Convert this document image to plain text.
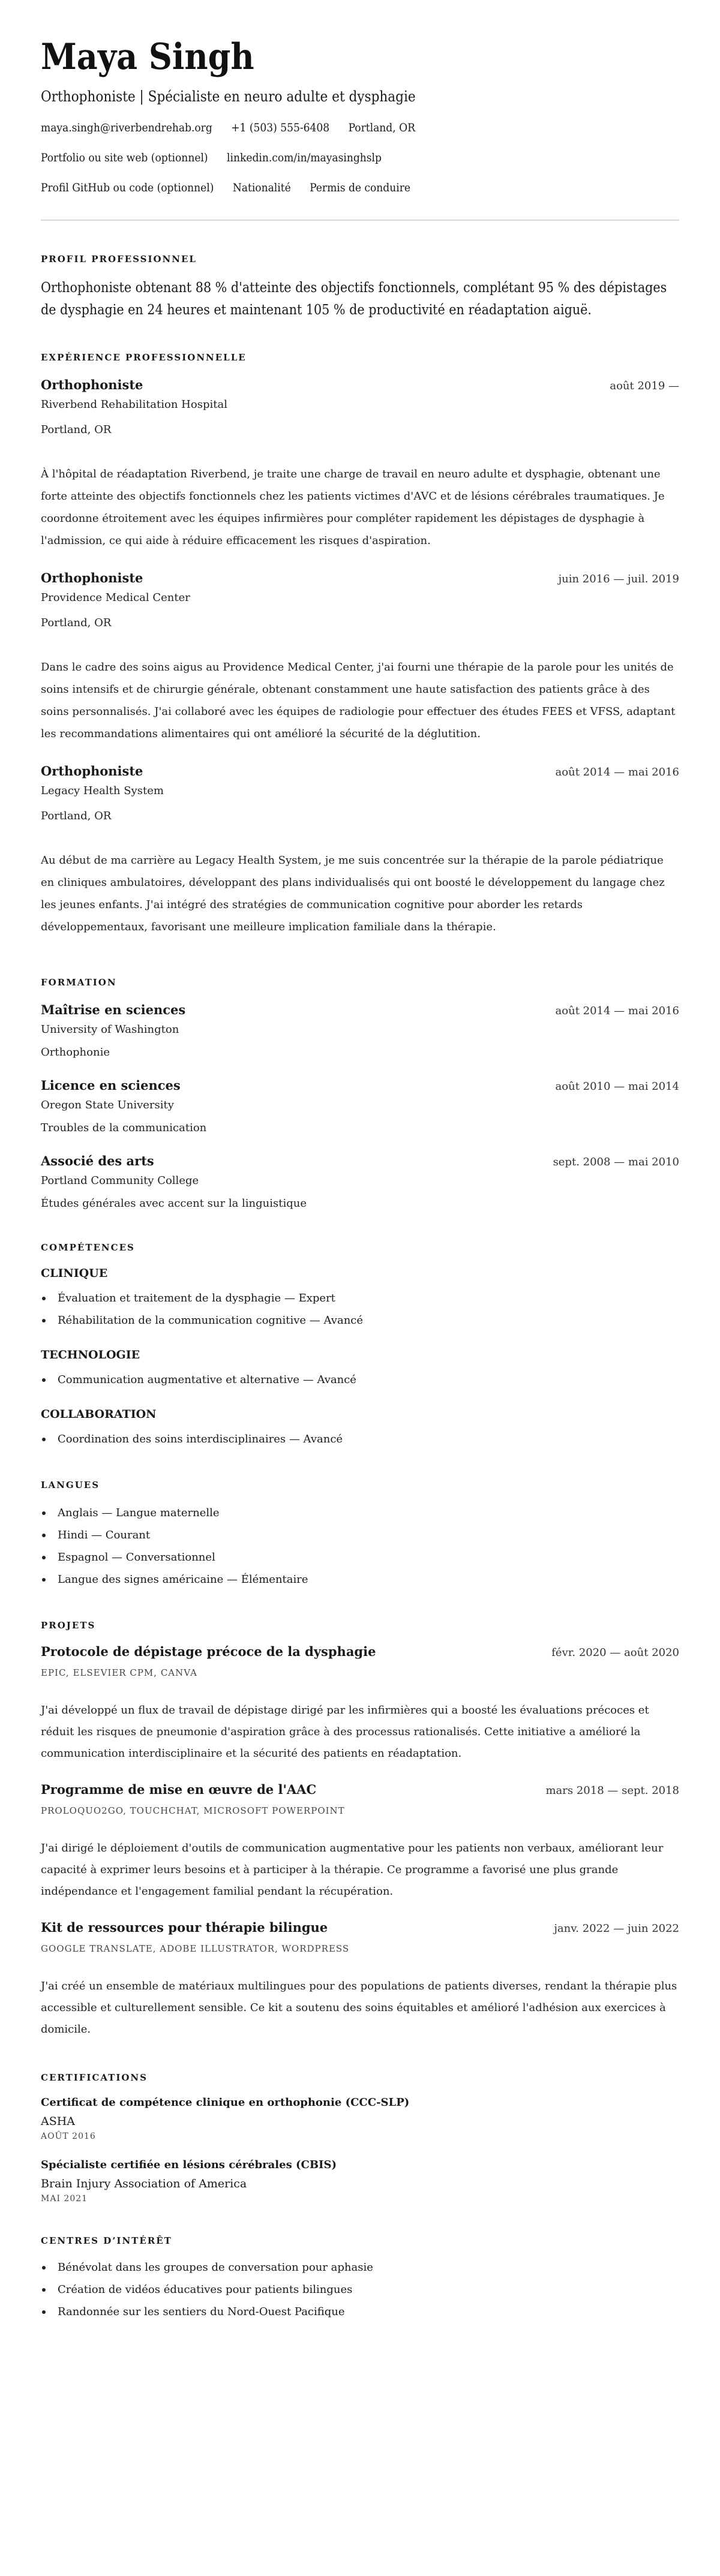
Maya Singh
Orthophoniste | Spécialiste en neuro adulte et dysphagie
maya.singh@riverbendrehab.org +1 (503) 555-6408 Portland, OR
Portfolio ou site web (optionnel) linkedin.com/in/mayasinghslp
Profil GitHub ou code (optionnel) Nationalité Permis de conduire
PROFIL PROFESSIONNEL
Orthophoniste obtenant 88 % d'atteinte des objectifs fonctionnels, complétant 95 % des dépistages de dysphagie en 24 heures et maintenant 105 % de productivité en réadaptation aiguë.
EXPÉRIENCE PROFESSIONNELLE
Orthophoniste	août 2019 —
Riverbend Rehabilitation Hospital
Portland, OR
À l'hôpital de réadaptation Riverbend, je traite une charge de travail en neuro adulte et dysphagie, obtenant une forte atteinte des objectifs fonctionnels chez les patients victimes d'AVC et de lésions cérébrales traumatiques. Je coordonne étroitement avec les équipes infirmières pour compléter rapidement les dépistages de dysphagie à l'admission, ce qui aide à réduire efficacement les risques d'aspiration.
Orthophoniste	juin 2016 — juil. 2019
Providence Medical Center
Portland, OR
Dans le cadre des soins aigus au Providence Medical Center, j'ai fourni une thérapie de la parole pour les unités de soins intensifs et de chirurgie générale, obtenant constamment une haute satisfaction des patients grâce à des soins personnalisés. J'ai collaboré avec les équipes de radiologie pour effectuer des études FEES et VFSS, adaptant les recommandations alimentaires qui ont amélioré la sécurité de la déglutition.
Orthophoniste	août 2014 — mai 2016
Legacy Health System
Portland, OR
Au début de ma carrière au Legacy Health System, je me suis concentrée sur la thérapie de la parole pédiatrique en cliniques ambulatoires, développant des plans individualisés qui ont boosté le développement du langage chez les jeunes enfants. J'ai intégré des stratégies de communication cognitive pour aborder les retards développementaux, favorisant une meilleure implication familiale dans la thérapie.
FORMATION
Maîtrise en sciences	août 2014 — mai 2016
University of Washington
Orthophonie
Licence en sciences	août 2010 — mai 2014
Oregon State University
Troubles de la communication
Associé des arts	sept. 2008 — mai 2010
Portland Community College
Études générales avec accent sur la linguistique
COMPÉTENCES
CLINIQUE
Évaluation et traitement de la dysphagie — Expert
Réhabilitation de la communication cognitive — Avancé
TECHNOLOGIE
Communication augmentative et alternative — Avancé
COLLABORATION
Coordination des soins interdisciplinaires — Avancé
LANGUES
Anglais — Langue maternelle
Hindi — Courant
Espagnol — Conversationnel
Langue des signes américaine — Élémentaire
PROJETS
Protocole de dépistage précoce de la dysphagie	févr. 2020 — août 2020
EPIC, ELSEVIER CPM, CANVA
J'ai développé un flux de travail de dépistage dirigé par les infirmières qui a boosté les évaluations précoces et réduit les risques de pneumonie d'aspiration grâce à des processus rationalisés. Cette initiative a amélioré la communication interdisciplinaire et la sécurité des patients en réadaptation.
Programme de mise en œuvre de l'AAC	mars 2018 — sept. 2018
PROLOQUO2GO, TOUCHCHAT, MICROSOFT POWERPOINT
J'ai dirigé le déploiement d'outils de communication augmentative pour les patients non verbaux, améliorant leur capacité à exprimer leurs besoins et à participer à la thérapie. Ce programme a favorisé une plus grande indépendance et l'engagement familial pendant la récupération.
Kit de ressources pour thérapie bilingue	janv. 2022 — juin 2022
GOOGLE TRANSLATE, ADOBE ILLUSTRATOR, WORDPRESS
J'ai créé un ensemble de matériaux multilingues pour des populations de patients diverses, rendant la thérapie plus accessible et culturellement sensible. Ce kit a soutenu des soins équitables et amélioré l'adhésion aux exercices à domicile.
CERTIFICATIONS
Certificat de compétence clinique en orthophonie (CCC-SLP)
ASHA
AOÛT 2016
Spécialiste certifiée en lésions cérébrales (CBIS)
Brain Injury Association of America
MAI 2021
CENTRES D’INTÉRÊT
Bénévolat dans les groupes de conversation pour aphasie
Création de vidéos éducatives pour patients bilingues
Randonnée sur les sentiers du Nord-Ouest Pacifique
